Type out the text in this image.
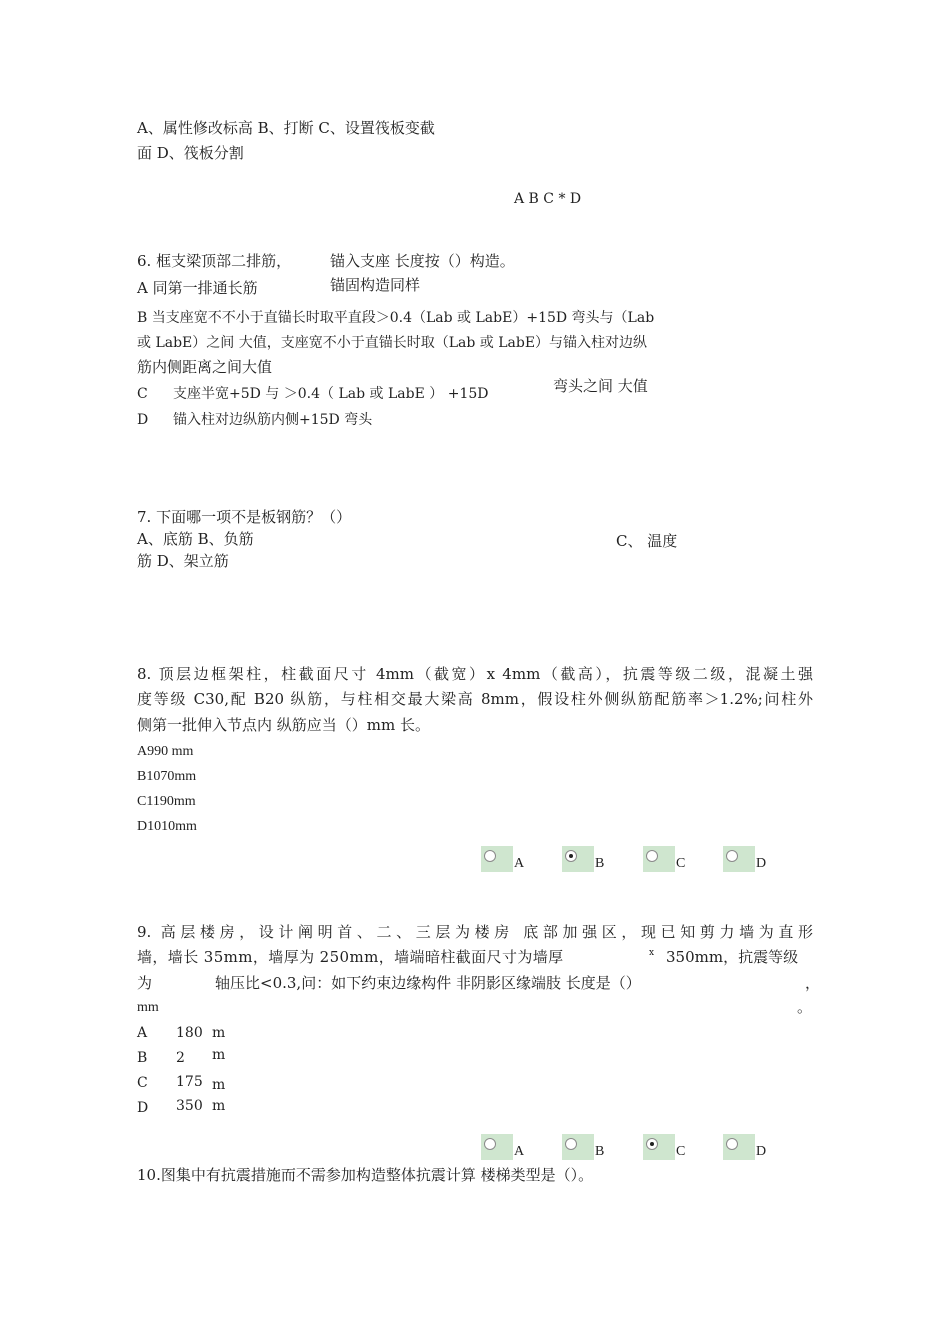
A、属性修改标高 B、打断 C、设置筏板变截
面 D、筏板分割
A B C * D
6. 框支梁顶部二排筋，	锚入支座 长度按（）构造。
A 同第一排通长筋	锚固构造同样
B 当支座宽不不小于直锚长时取平直段＞0.4（Lab 或 LabE）+15D 弯头与（Lab
或 LabE）之间 大值，支座宽不小于直锚长时取（Lab 或 LabE）与锚入柱对边纵
筋内侧距离之间大值
C 支座半宽+5D 与 ＞0.4（ Lab 或 LabE ） +15D	弯头之间 大值
D 锚入柱对边纵筋内侧+15D 弯头
7. 下面哪一项不是板钢筋？（）
A、底筋 B、负筋	C、 温度
筋 D、架立筋
8. 顶层边框架柱，柱截面尺寸 4mm（截宽）x 4mm（截高），抗震等级二级，混凝土强
度等级 C30,配 B20 纵筋，与柱相交最大梁高 8mm，假设柱外侧纵筋配筋率＞1.2%;问柱外
侧第一批伸入节点内 纵筋应当（）mm 长。
A990 mm
B1070mm
C1190mm
D1010mm
A	B	C	D
9. 高层楼房，设计阐明首、二、三层为楼房 底部加强区，现已知剪力墙为直形
墙，墙长 35mm，墙厚为 250mm，墙端暗柱截面尺寸为墙厚	x 350mm，抗震等级
为	轴压比<0.3,问：如下约束边缘构件 非阴影区缘端肢 长度是（）	，
mm	。
A 180 m
B 2 m
C 175 m
D 350 m
A	B	C	D
10.图集中有抗震措施而不需参加构造整体抗震计算 楼梯类型是（）。
